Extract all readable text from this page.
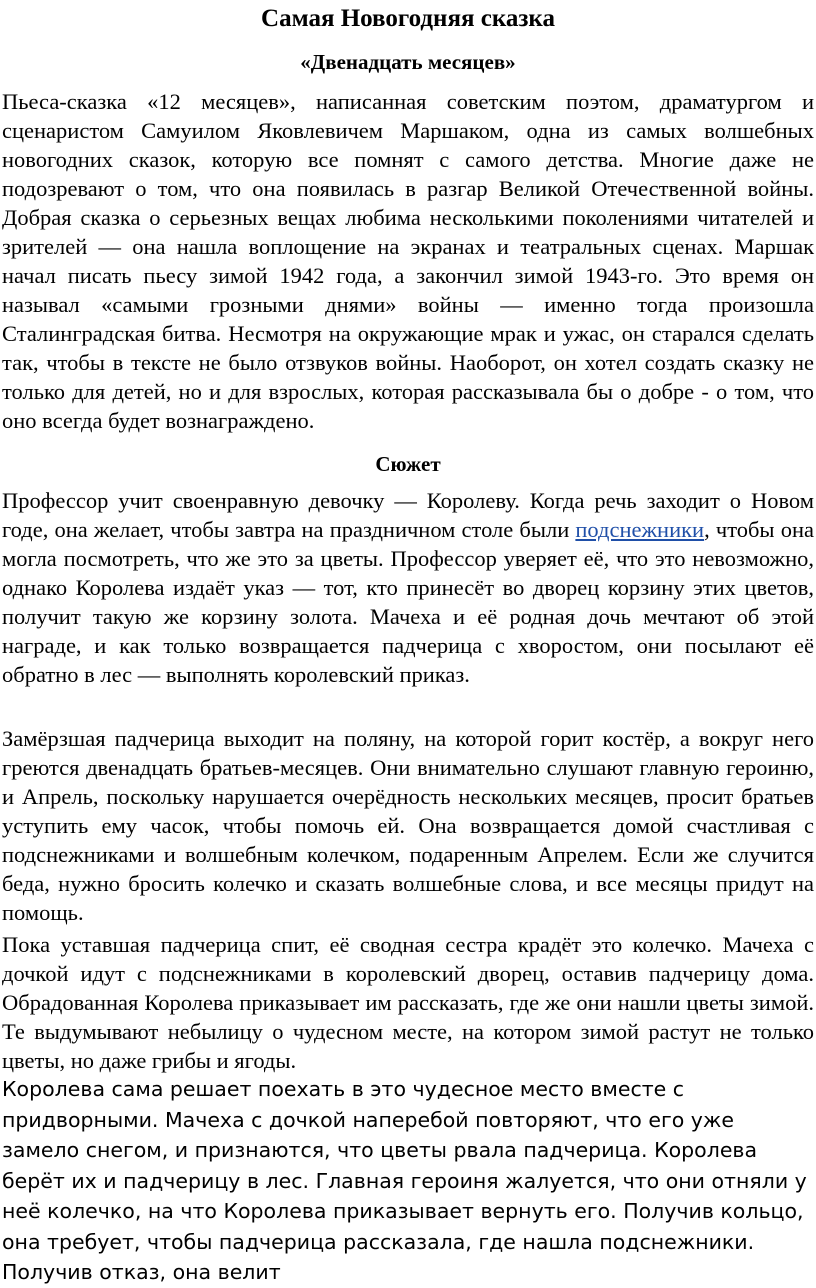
Самая Новогодняя сказка
«Двенадцать месяцев»

Пьеса-сказка «12 месяцев», написанная советским поэтом, драматургом и сценаристом Самуилом Яковлевичем Маршаком, одна из самых волшебных новогодних сказок, которую все помнят с самого детства. Многие даже не подозревают о том, что она появилась в разгар Великой Отечественной войны. Добрая сказка о серьезных вещах любима несколькими поколениями читателей и зрителей — она нашла воплощение на экранах и театральных сценах. Маршак начал писать пьесу зимой 1942 года, а закончил зимой 1943-го. Это время он называл «самыми грозными днями» войны — именно тогда произошла Сталинградская битва. Несмотря на окружающие мрак и ужас, он старался сделать так, чтобы в тексте не было отзвуков войны. Наоборот, он хотел создать сказку не только для детей, но и для взрослых, которая рассказывала бы о добре - о том, что оно всегда будет вознаграждено.

Сюжет

Профессор учит своенравную девочку — Королеву. Когда речь заходит о Новом годе, она желает, чтобы завтра на праздничном столе были подснежники, чтобы она могла посмотреть, что же это за цветы. Профессор уверяет её, что это невозможно, однако Королева издаёт указ — тот, кто принесёт во дворец корзину этих цветов, получит такую же корзину золота. Мачеха и её родная дочь мечтают об этой награде, и как только возвращается падчерица с хворостом, они посылают её обратно в лес — выполнять королевский приказ.

Замёрзшая падчерица выходит на поляну, на которой горит костёр, а вокруг него греются двенадцать братьев-месяцев. Они внимательно слушают главную героиню, и Апрель, поскольку нарушается очерёдность нескольких месяцев, просит братьев уступить ему часок, чтобы помочь ей. Она возвращается домой счастливая с подснежниками и волшебным колечком, подаренным Апрелем. Если же случится беда, нужно бросить колечко и сказать волшебные слова, и все месяцы придут на помощь.

Пока уставшая падчерица спит, её сводная сестра крадёт это колечко. Мачеха с дочкой идут с подснежниками в королевский дворец, оставив падчерицу дома. Обрадованная Королева приказывает им рассказать, где же они нашли цветы зимой. Те выдумывают небылицу о чудесном месте, на котором зимой растут не только цветы, но даже грибы и ягоды.

Королева сама решает поехать в это чудесное место вместе с придворными. Мачеха с дочкой наперебой повторяют, что его уже замело снегом, и признаются, что цветы рвала падчерица. Королева берёт их и падчерицу в лес. Главная героиня жалуется, что они отняли у неё колечко, на что Королева приказывает вернуть его. Получив кольцо, она требует, чтобы падчерица рассказала, где нашла подснежники. Получив отказ, она велит
